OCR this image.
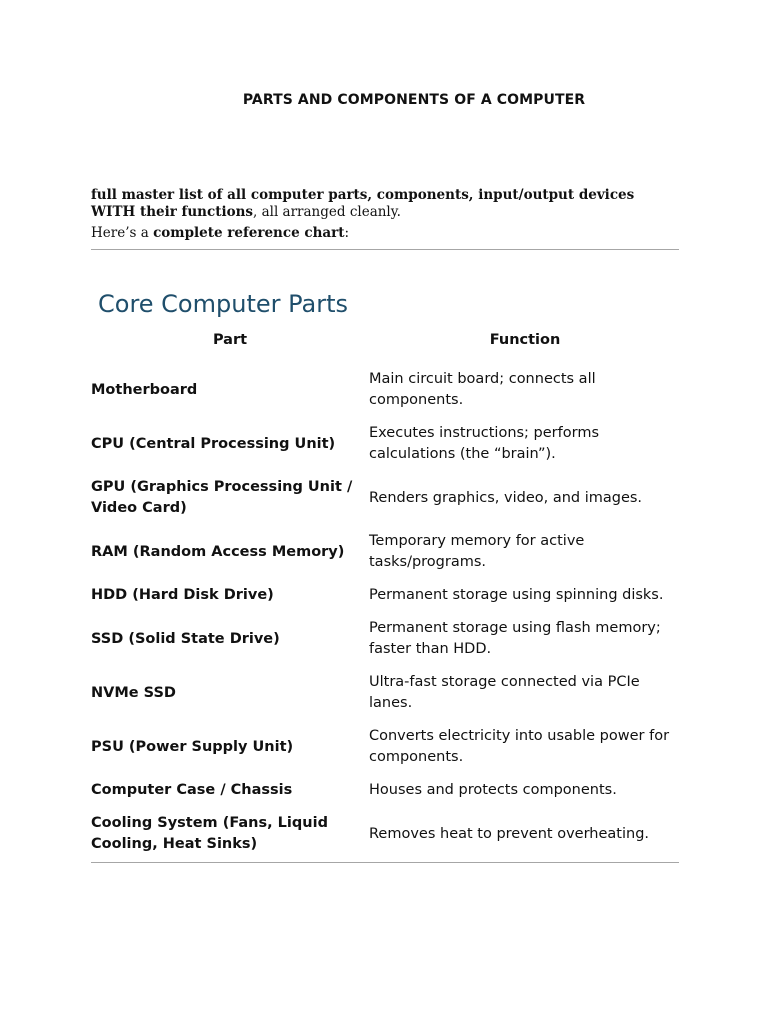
PARTS AND COMPONENTS OF A COMPUTER

full master list of all computer parts, components, input/output devices WITH their functions, all arranged cleanly.

Here’s a complete reference chart:

Core Computer Parts
Part	Function
Motherboard	Main circuit board; connects all components.
CPU (Central Processing Unit)	Executes instructions; performs calculations (the “brain”).
GPU (Graphics Processing Unit / Video Card)	Renders graphics, video, and images.
RAM (Random Access Memory)	Temporary memory for active tasks/programs.
HDD (Hard Disk Drive)	Permanent storage using spinning disks.
SSD (Solid State Drive)	Permanent storage using flash memory; faster than HDD.
NVMe SSD	Ultra-fast storage connected via PCIe lanes.
PSU (Power Supply Unit)	Converts electricity into usable power for components.
Computer Case / Chassis	Houses and protects components.
Cooling System (Fans, Liquid Cooling, Heat Sinks)	Removes heat to prevent overheating.
